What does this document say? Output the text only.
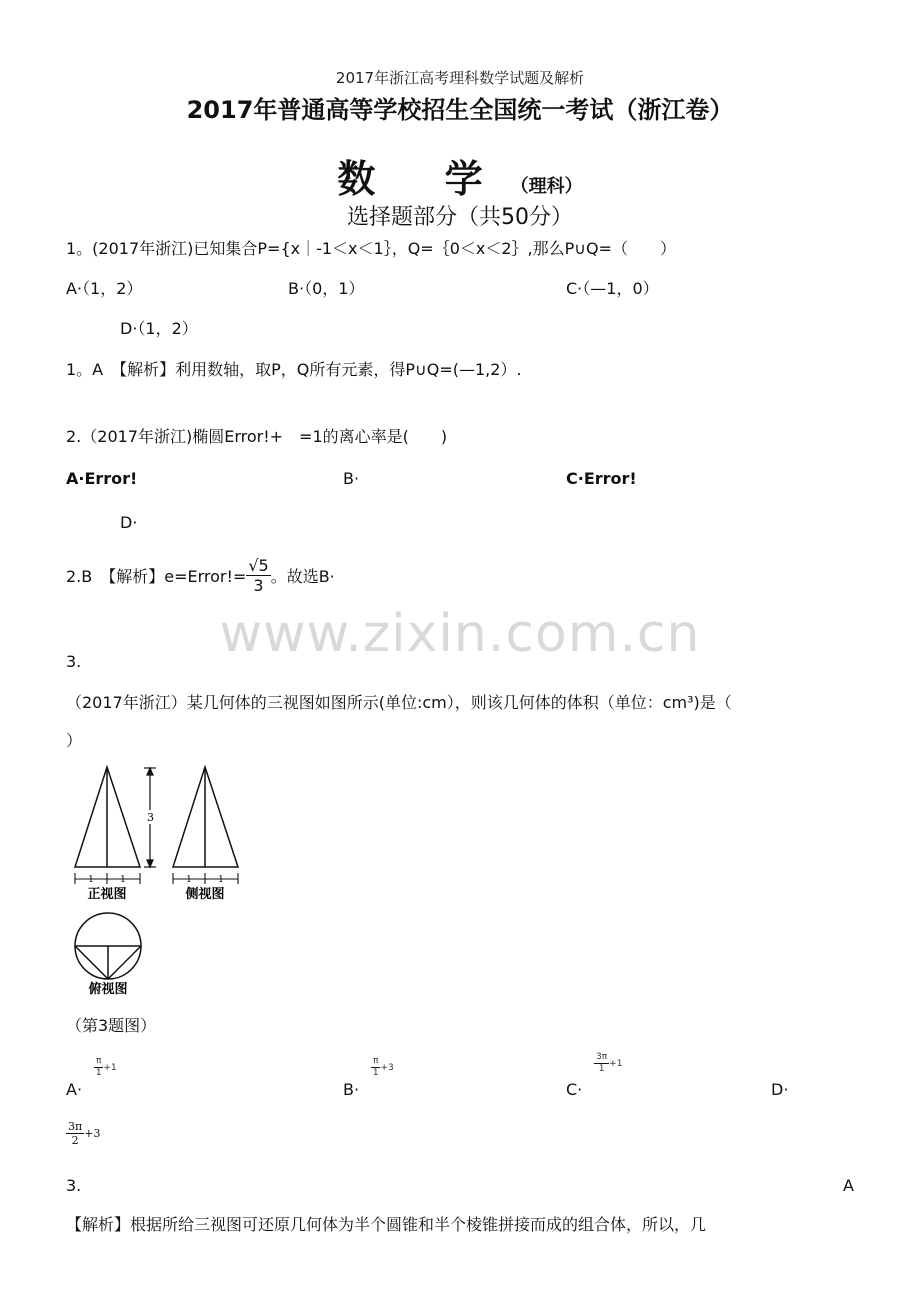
2017年浙江高考理科数学试题及解析
2017年普通高等学校招生全国统一考试（浙江卷）
数 学（理科）
选择题部分（共50分）
1。(2017年浙江)已知集合P={x｜-1＜x＜1｝，Q=｛0＜x＜2｝,那么P∪Q=（　　）
A·（1，2）	B·（0，1）	C·（—1，0）
D·（1，2）
1。A　【解析】利用数轴，取P，Q所有元素，得P∪Q=(—1,2）.
2.（2017年浙江)椭圆Error!+　=1的离心率是(　　)
A·Error!	B·	C·Error!
D·
2.B　【解析】e=Error!= $\frac{√5}{3}$ 。故选B·
www.zixin.com.cn
3.
（2017年浙江）某几何体的三视图如图所示(单位:cm），则该几何体的体积（单位：cm³)是（
）
3
1	1	1	1
正视图	侧视图
俯视图
（第3题图）
A·
$\frac{\pi}{1} +1$
B·
$\frac{\pi}{1} +3$
C·
$\frac{3\pi}{1} +1$
D·
$\frac{3\pi}{2} +3$
3.	A
【解析】根据所给三视图可还原几何体为半个圆锥和半个棱锥拼接而成的组合体，所以，几
